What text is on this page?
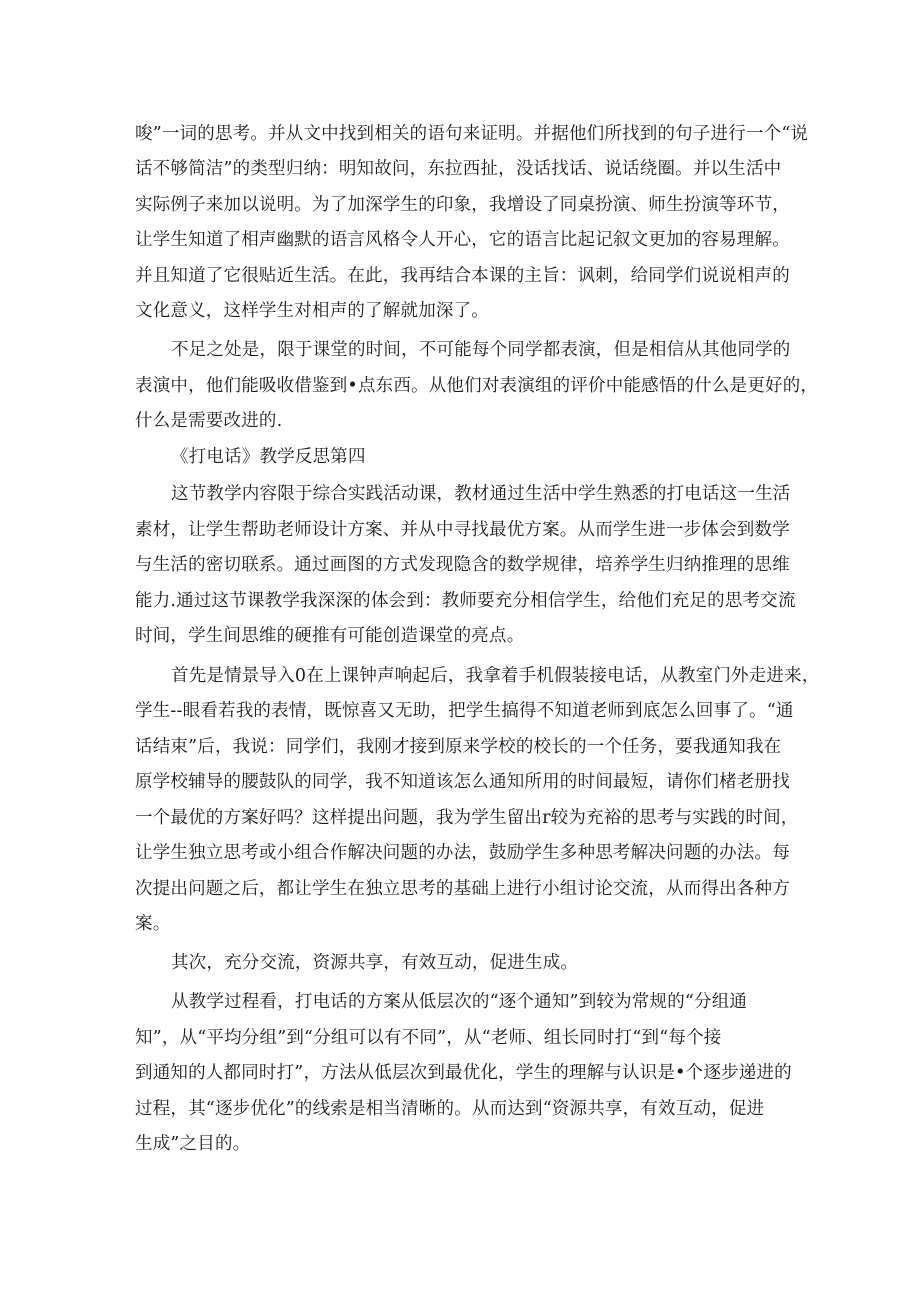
唆”一词的思考。并从文中找到相关的语句来证明。并据他们所找到的句子进行一个“说
话不够简洁”的类型归纳：明知故问，东拉西扯，没话找话、说话绕圈。并以生活中
实际例子来加以说明。为了加深学生的印象，我增设了同桌扮演、师生扮演等环节，
让学生知道了相声幽默的语言风格令人开心，它的语言比起记叙文更加的容易理解。
并且知道了它很贴近生活。在此，我再结合本课的主旨：讽刺，给同学们说说相声的
文化意义，这样学生对相声的了解就加深了。
不足之处是，限于课堂的时间，不可能每个同学都表演，但是相信从其他同学的
表演中，他们能吸收借鉴到•点东西。从他们对表演组的评价中能感悟的什么是更好的，
什么是需要改进的.
《打电话》教学反思第四
这节教学内容限于综合实践活动课，教材通过生活中学生熟悉的打电话这一生活
素材，让学生帮助老师设计方案、并从中寻找最优方案。从而学生进一步体会到数学
与生活的密切联系。通过画图的方式发现隐含的数学规律，培养学生归纳推理的思维
能力.通过这节课教学我深深的体会到：教师要充分相信学生，给他们充足的思考交流
时间，学生间思维的硬推有可能创造课堂的亮点。
首先是情景导入0在上课钟声响起后，我拿着手机假装接电话，从教室门外走进来，
学生--眼看若我的表情，既惊喜又无助，把学生搞得不知道老师到底怎么回事了。“通
话结束”后，我说：同学们，我刚才接到原来学校的校长的一个任务，要我通知我在
原学校辅导的腰鼓队的同学，我不知道该怎么通知所用的时间最短，请你们楮老册找
一个最优的方案好吗？这样提出问题，我为学生留出r较为充裕的思考与实践的时间，
让学生独立思考或小组合作解决问题的办法，鼓励学生多种思考解决问题的办法。每
次提出问题之后，都让学生在独立思考的基础上进行小组讨论交流，从而得出各种方
案。
其次，充分交流，资源共享，有效互动，促进生成。
从教学过程看，打电话的方案从低层次的“逐个通知”到较为常规的“分组通
知”，从“平均分组”到“分组可以有不同”，从“老师、组长同时打“到“每个接
到通知的人都同时打”，方法从低层次到最优化，学生的理解与认识是•个逐步递进的
过程，其“逐步优化”的线索是相当清晰的。从而达到“资源共享，有效互动，促进
生成”之目的。
